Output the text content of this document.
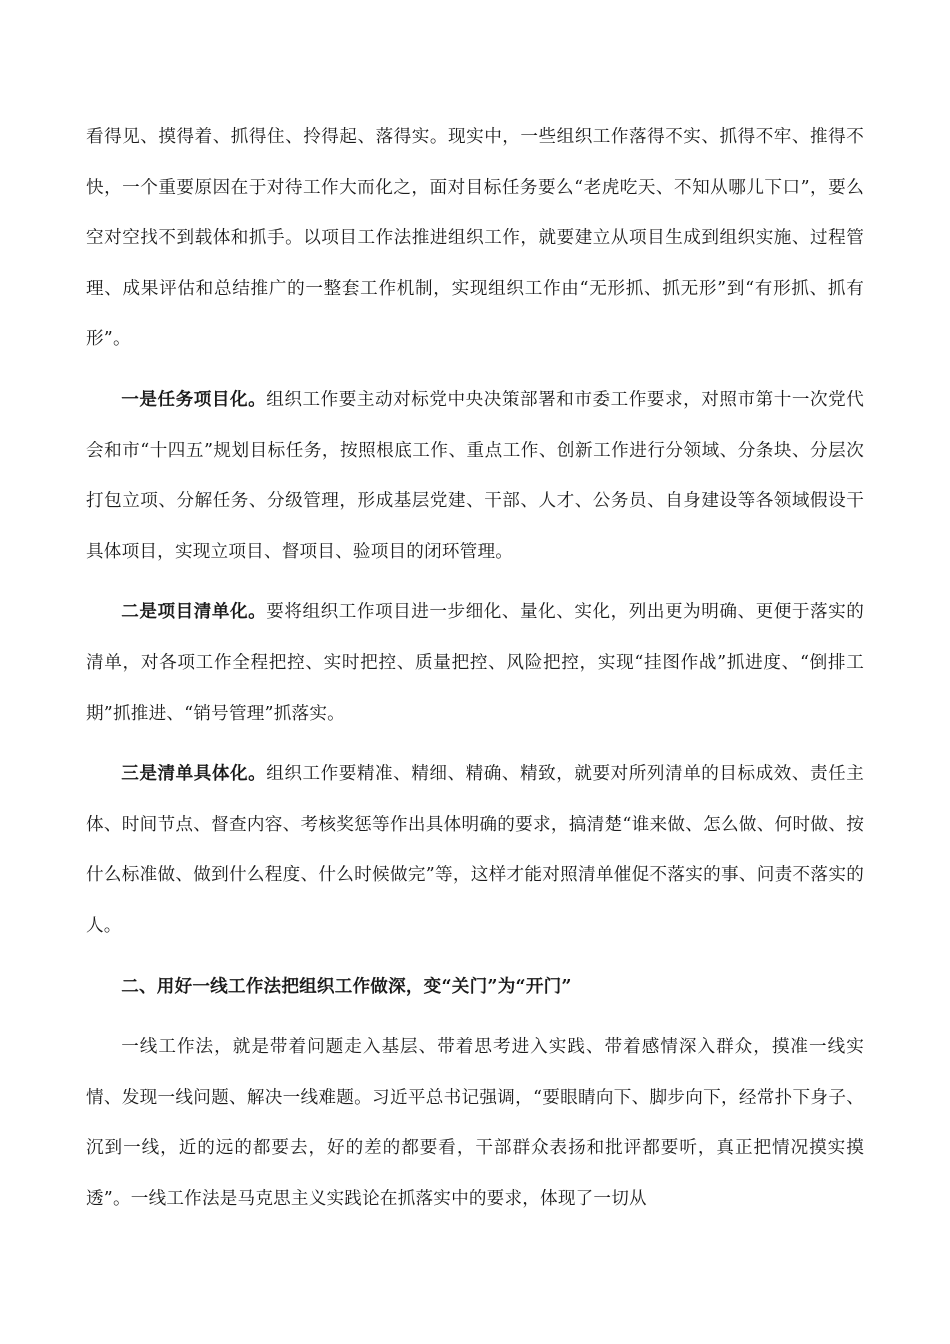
看得见、摸得着、抓得住、拎得起、落得实。现实中，一些组织工作落得不实、抓得不牢、推得不快，一个重要原因在于对待工作大而化之，面对目标任务要么“老虎吃天、不知从哪儿下口”，要么空对空找不到载体和抓手。以项目工作法推进组织工作，就要建立从项目生成到组织实施、过程管理、成果评估和总结推广的一整套工作机制，实现组织工作由“无形抓、抓无形”到“有形抓、抓有形”。

一是任务项目化。组织工作要主动对标党中央决策部署和市委工作要求，对照市第十一次党代会和市“十四五”规划目标任务，按照根底工作、重点工作、创新工作进行分领域、分条块、分层次打包立项、分解任务、分级管理，形成基层党建、干部、人才、公务员、自身建设等各领域假设干具体项目，实现立项目、督项目、验项目的闭环管理。

二是项目清单化。要将组织工作项目进一步细化、量化、实化，列出更为明确、更便于落实的清单，对各项工作全程把控、实时把控、质量把控、风险把控，实现“挂图作战”抓进度、“倒排工期”抓推进、“销号管理”抓落实。

三是清单具体化。组织工作要精准、精细、精确、精致，就要对所列清单的目标成效、责任主体、时间节点、督查内容、考核奖惩等作出具体明确的要求，搞清楚“谁来做、怎么做、何时做、按什么标准做、做到什么程度、什么时候做完”等，这样才能对照清单催促不落实的事、问责不落实的人。

二、用好一线工作法把组织工作做深，变“关门”为“开门”

一线工作法，就是带着问题走入基层、带着思考进入实践、带着感情深入群众，摸准一线实情、发现一线问题、解决一线难题。习近平总书记强调，“要眼睛向下、脚步向下，经常扑下身子、沉到一线，近的远的都要去，好的差的都要看，干部群众表扬和批评都要听，真正把情况摸实摸透”。一线工作法是马克思主义实践论在抓落实中的要求，体现了一切从
